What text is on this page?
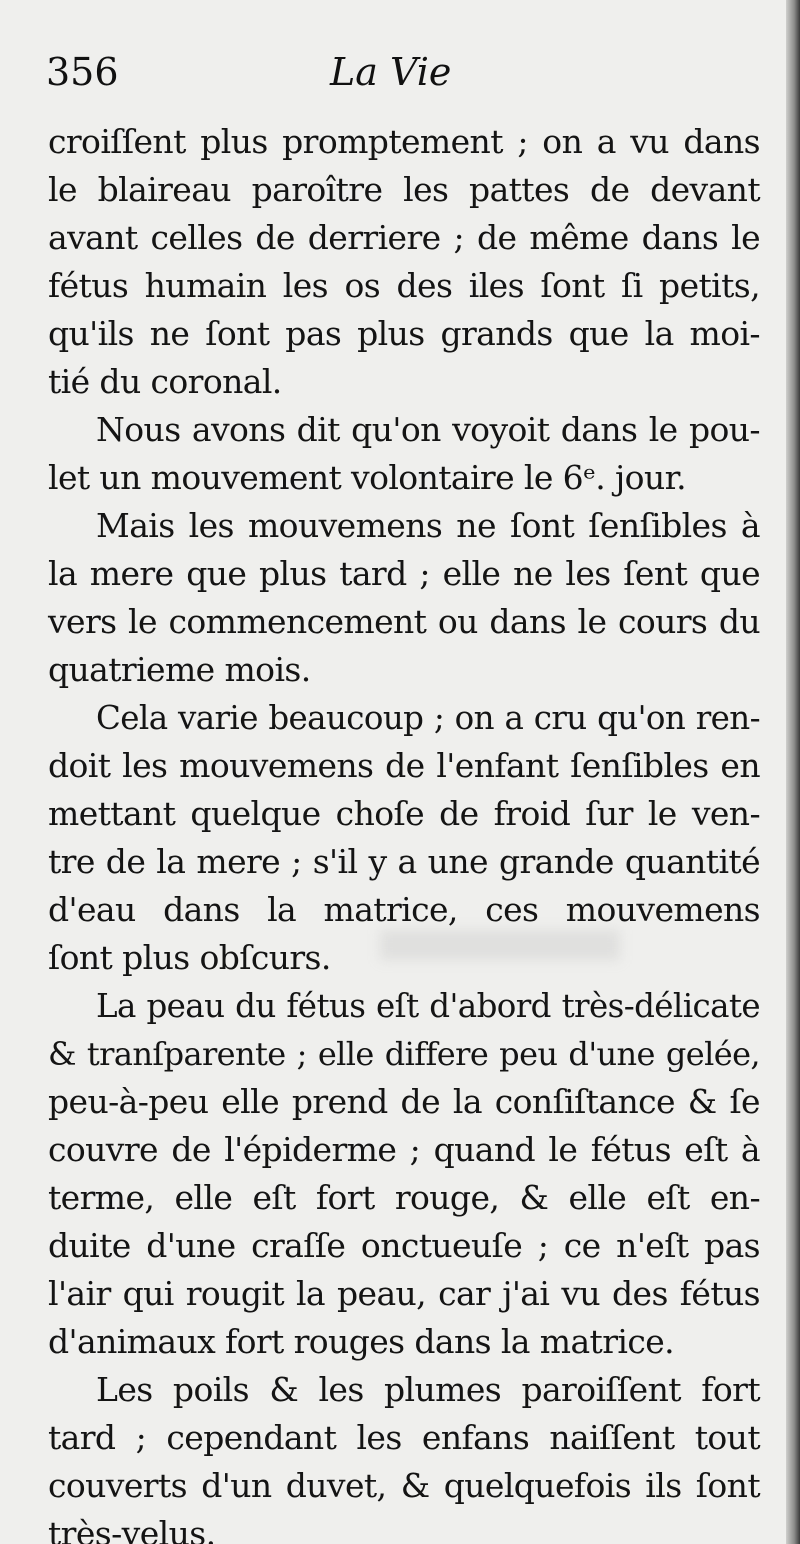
356	La Vie
croiſſent plus promptement ; on a vu dans
le blaireau paroître les pattes de devant
avant celles de derriere ; de même dans le
fétus humain les os des iles ſont ſi petits,
qu'ils ne ſont pas plus grands que la moi-
tié du coronal.
Nous avons dit qu'on voyoit dans le pou-
let un mouvement volontaire le 6ᵉ. jour.
Mais les mouvemens ne ſont ſenſibles à
la mere que plus tard ; elle ne les ſent que
vers le commencement ou dans le cours du
quatrieme mois.
Cela varie beaucoup ; on a cru qu'on ren-
doit les mouvemens de l'enfant ſenſibles en
mettant quelque choſe de froid ſur le ven-
tre de la mere ; s'il y a une grande quantité
d'eau dans la matrice, ces mouvemens
ſont plus obſcurs.
La peau du fétus eſt d'abord très-délicate
& tranſparente ; elle differe peu d'une gelée,
peu-à-peu elle prend de la conſiſtance & ſe
couvre de l'épiderme ; quand le fétus eſt à
terme, elle eſt fort rouge, & elle eſt en-
duite d'une craſſe onctueuſe ; ce n'eſt pas
l'air qui rougit la peau, car j'ai vu des fétus
d'animaux fort rouges dans la matrice.
Les poils & les plumes paroiſſent fort
tard ; cependant les enfans naiſſent tout
couverts d'un duvet, & quelquefois ils ſont
très-velus.
